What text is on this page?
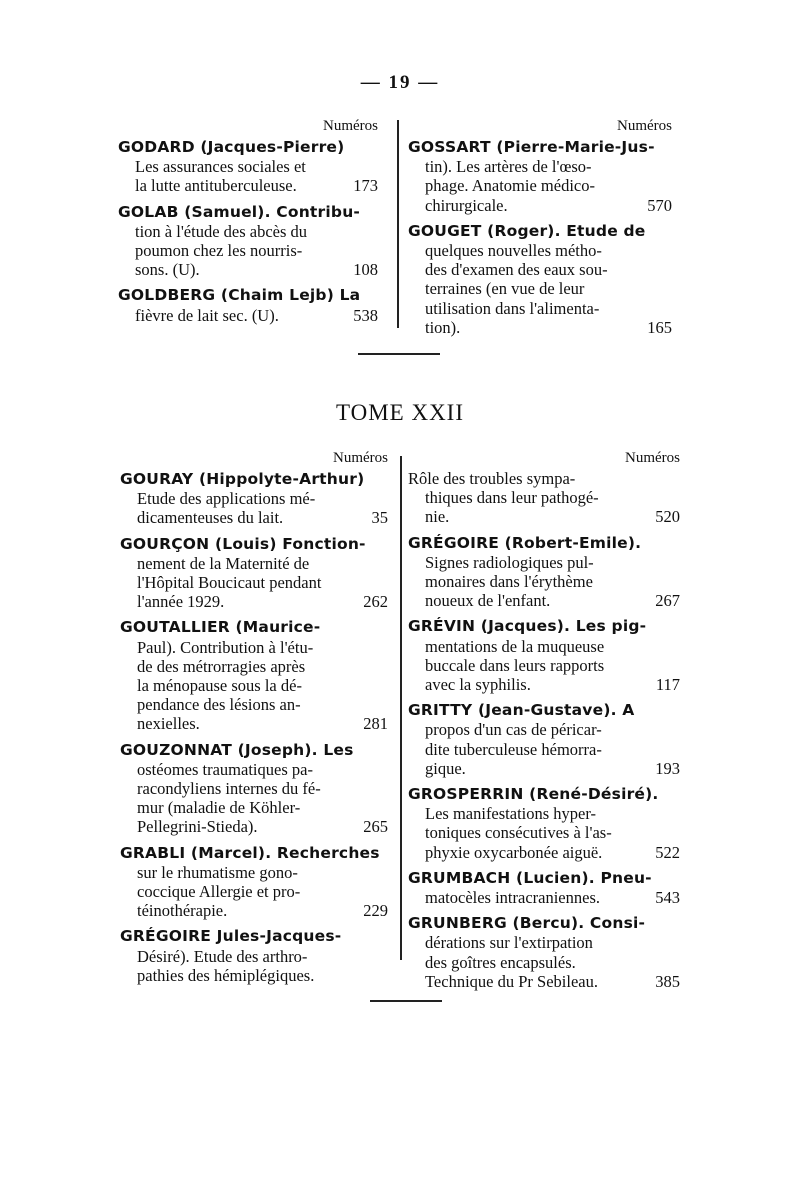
— 19 —
Numéros
GODARD (Jacques-Pierre)
Les assurances sociales et
la lutte antituberculeuse.	173
GOLAB (Samuel). Contribu-
tion à l'étude des abcès du
poumon chez les nourris-
sons. (U).	108
GOLDBERG (Chaim Lejb) La
fièvre de lait sec. (U).	538
Numéros
GOSSART (Pierre-Marie-Jus-
tin). Les artères de l'œso-
phage. Anatomie médico-
chirurgicale.	570
GOUGET (Roger). Etude de
quelques nouvelles métho-
des d'examen des eaux sou-
terraines (en vue de leur
utilisation dans l'alimenta-
tion).	165
TOME XXII
Numéros
GOURAY (Hippolyte-Arthur)
Etude des applications mé-
dicamenteuses du lait.	35
GOURÇON (Louis) Fonction-
nement de la Maternité de
l'Hôpital Boucicaut pendant
l'année 1929.	262
GOUTALLIER (Maurice-
Paul). Contribution à l'étu-
de des métrorragies après
la ménopause sous la dé-
pendance des lésions an-
nexielles.	281
GOUZONNAT (Joseph). Les
ostéomes traumatiques pa-
racondyliens internes du fé-
mur (maladie de Köhler-
Pellegrini-Stieda).	265
GRABLI (Marcel). Recherches
sur le rhumatisme gono-
coccique Allergie et pro-
téinothérapie.	229
GRÉGOIRE Jules-Jacques-
Désiré). Etude des arthro-
pathies des hémiplégiques.
Numéros
Rôle des troubles sympa-
thiques dans leur pathogé-
nie.	520
GRÉGOIRE (Robert-Emile).
Signes radiologiques pul-
monaires dans l'érythème
noueux de l'enfant.	267
GRÉVIN (Jacques). Les pig-
mentations de la muqueuse
buccale dans leurs rapports
avec la syphilis.	117
GRITTY (Jean-Gustave). A
propos d'un cas de péricar-
dite tuberculeuse hémorra-
gique.	193
GROSPERRIN (René-Désiré).
Les manifestations hyper-
toniques consécutives à l'as-
phyxie oxycarbonée aiguë.	522
GRUMBACH (Lucien). Pneu-
matocèles intracraniennes.	543
GRUNBERG (Bercu). Consi-
dérations sur l'extirpation
des goîtres encapsulés.
Technique du Pr Sebileau.	385
